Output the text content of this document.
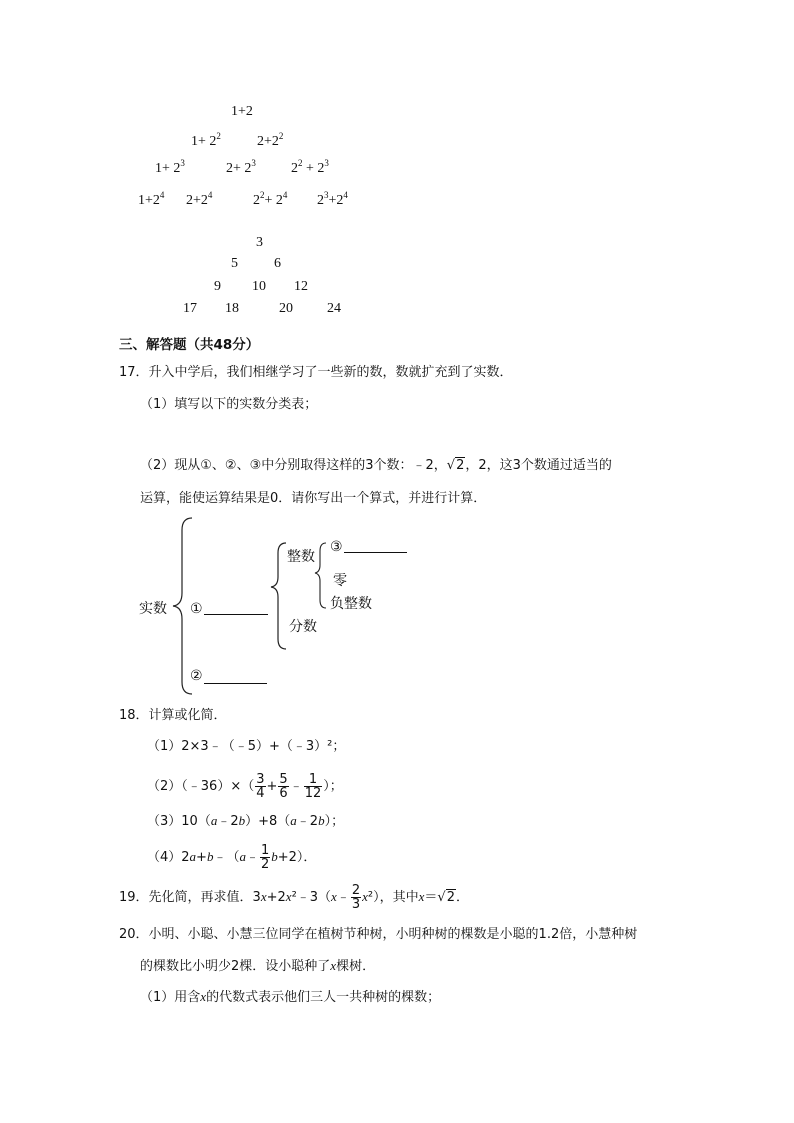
1+2
$1+ 2^2$	$2+2^2$
$1+ 2^3$	$2+ 2^3$	$2^2 + 2^3$
$1+2^4$ $2+2^4$	$2^2+ 2^4$ $2^3+2^4$
3
5	6
9 10 12
17 18	20 24
三、解答题（共48分）
17．升入中学后，我们相继学习了一些新的数，数就扩充到了实数．
（1）填写以下的实数分类表；
（2）现从①、②、③中分别取得这样的3个数：﹣2，√2，2，这3个数通过适当的
运算，能使运算结果是0．请你写出一个算式，并进行计算．
实数 ①
②
整数
分数
③
零
负整数
18．计算或化简．
（1）2×3﹣（﹣5）+（﹣3）²；
（2）（﹣36）×（ $\frac{3}{4} + \frac{5}{6}$ ﹣ $\frac{1}{12}$ ）；
（3）10（a﹣2b）+8（a﹣2b）；
（4）2a+b﹣（a﹣ $\frac{1}{2} b+2$）．
19．先化简，再求值．3x+2x²﹣3（x﹣ $\frac{2}{3} x^2$），其中x＝√2．
20．小明、小聪、小慧三位同学在植树节种树，小明种树的棵数是小聪的1.2倍，小慧种树
的棵数比小明少2棵．设小聪种了x棵树．
（1）用含x的代数式表示他们三人一共种树的棵数；
